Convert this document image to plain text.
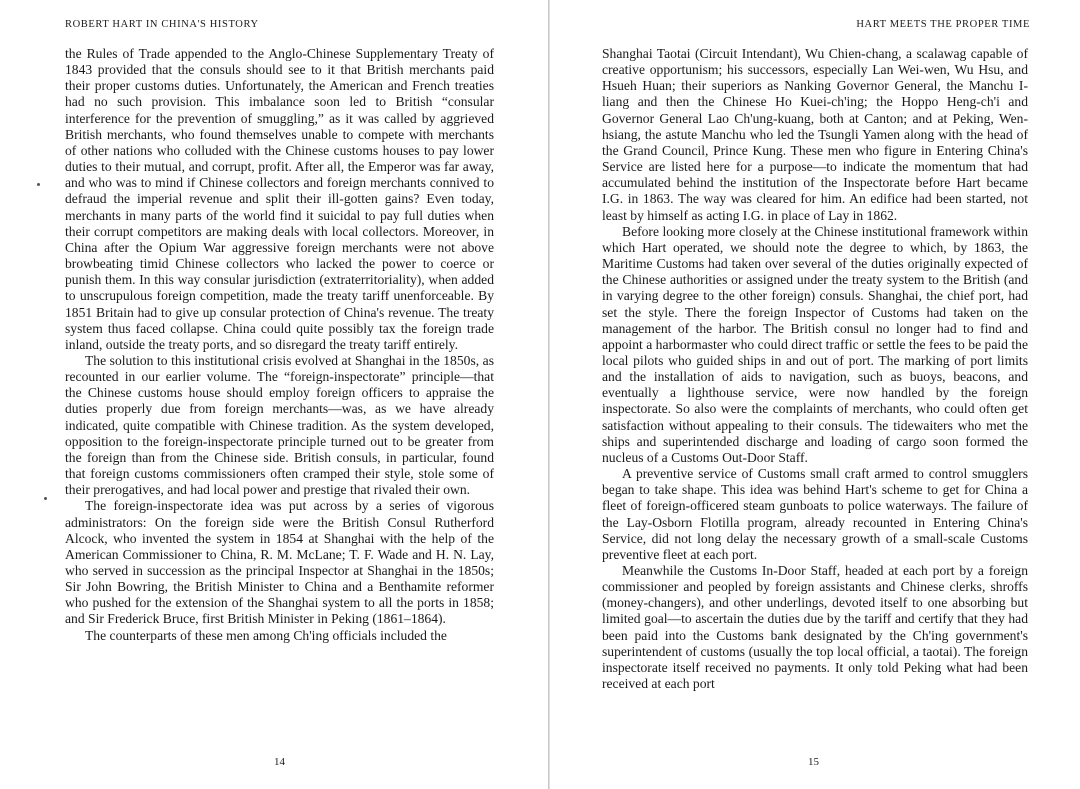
ROBERT HART IN CHINA'S HISTORY

the Rules of Trade appended to the Anglo-Chinese Supplementary Treaty of 1843 provided that the consuls should see to it that British merchants paid their proper customs duties. Unfortunately, the American and French treaties had no such provision. This imbalance soon led to British “consular interference for the prevention of smuggling,” as it was called by aggrieved British merchants, who found themselves unable to compete with merchants of other nations who colluded with the Chinese customs houses to pay lower duties to their mutual, and corrupt, profit. After all, the Emperor was far away, and who was to mind if Chinese collectors and foreign merchants connived to defraud the imperial revenue and split their ill-gotten gains? Even today, merchants in many parts of the world find it suicidal to pay full duties when their corrupt competitors are making deals with local collectors. Moreover, in China after the Opium War aggressive foreign merchants were not above browbeating timid Chinese collectors who lacked the power to coerce or punish them. In this way consular jurisdiction (extraterritoriality), when added to unscrupulous foreign competition, made the treaty tariff unenforceable. By 1851 Britain had to give up consular protection of China's revenue. The treaty system thus faced collapse. China could quite possibly tax the foreign trade inland, outside the treaty ports, and so disregard the treaty tariff entirely.

The solution to this institutional crisis evolved at Shanghai in the 1850s, as recounted in our earlier volume. The “foreign-inspectorate” principle—that the Chinese customs house should employ foreign officers to appraise the duties properly due from foreign merchants—was, as we have already indicated, quite compatible with Chinese tradition. As the system developed, opposition to the foreign-inspectorate principle turned out to be greater from the foreign than from the Chinese side. British consuls, in particular, found that foreign customs commissioners often cramped their style, stole some of their prerogatives, and had local power and prestige that rivaled their own.

The foreign-inspectorate idea was put across by a series of vigorous administrators: On the foreign side were the British Consul Rutherford Alcock, who invented the system in 1854 at Shanghai with the help of the American Commissioner to China, R. M. McLane; T. F. Wade and H. N. Lay, who served in succession as the principal Inspector at Shanghai in the 1850s; Sir John Bowring, the British Minister to China and a Benthamite reformer who pushed for the extension of the Shanghai system to all the ports in 1858; and Sir Frederick Bruce, first British Minister in Peking (1861–1864).

The counterparts of these men among Ch'ing officials included the

14

HART MEETS THE PROPER TIME

Shanghai Taotai (Circuit Intendant), Wu Chien-chang, a scalawag capable of creative opportunism; his successors, especially Lan Wei-wen, Wu Hsu, and Hsueh Huan; their superiors as Nanking Governor General, the Manchu I-liang and then the Chinese Ho Kuei-ch'ing; the Hoppo Heng-ch'i and Governor General Lao Ch'ung-kuang, both at Canton; and at Peking, Wen-hsiang, the astute Manchu who led the Tsungli Yamen along with the head of the Grand Council, Prince Kung. These men who figure in Entering China's Service are listed here for a purpose—to indicate the momentum that had accumulated behind the institution of the Inspectorate before Hart became I.G. in 1863. The way was cleared for him. An edifice had been started, not least by himself as acting I.G. in place of Lay in 1862.

Before looking more closely at the Chinese institutional framework within which Hart operated, we should note the degree to which, by 1863, the Maritime Customs had taken over several of the duties originally expected of the Chinese authorities or assigned under the treaty system to the British (and in varying degree to the other foreign) consuls. Shanghai, the chief port, had set the style. There the foreign Inspector of Customs had taken on the management of the harbor. The British consul no longer had to find and appoint a harbormaster who could direct traffic or settle the fees to be paid the local pilots who guided ships in and out of port. The marking of port limits and the installation of aids to navigation, such as buoys, beacons, and eventually a lighthouse service, were now handled by the foreign inspectorate. So also were the complaints of merchants, who could often get satisfaction without appealing to their consuls. The tidewaiters who met the ships and superintended discharge and loading of cargo soon formed the nucleus of a Customs Out-Door Staff.

A preventive service of Customs small craft armed to control smugglers began to take shape. This idea was behind Hart's scheme to get for China a fleet of foreign-officered steam gunboats to police waterways. The failure of the Lay-Osborn Flotilla program, already recounted in Entering China's Service, did not long delay the necessary growth of a small-scale Customs preventive fleet at each port.

Meanwhile the Customs In-Door Staff, headed at each port by a foreign commissioner and peopled by foreign assistants and Chinese clerks, shroffs (money-changers), and other underlings, devoted itself to one absorbing but limited goal—to ascertain the duties due by the tariff and certify that they had been paid into the Customs bank designated by the Ch'ing government's superintendent of customs (usually the top local official, a taotai). The foreign inspectorate itself received no payments. It only told Peking what had been received at each port

15
